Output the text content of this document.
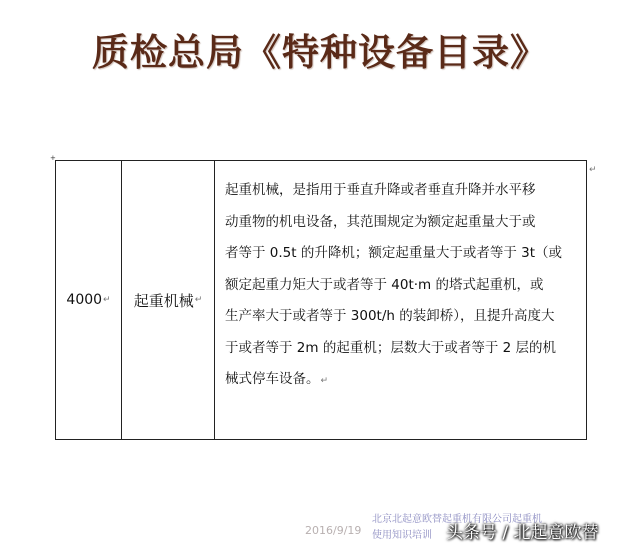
质检总局《特种设备目录》
+
4000 ↵ 起重机械 ↵
起重机械，是指用于垂直升降或者垂直升降并水平移
动重物的机电设备，其范围规定为额定起重量大于或
者等于 0.5t 的升降机；额定起重量大于或者等于 3t（或
额定起重力矩大于或者等于 40t·m 的塔式起重机，或
生产率大于或者等于 300t/h 的装卸桥），且提升高度大
于或者等于 2m 的起重机；层数大于或者等于 2 层的机
械式停车设备。↵
↵
2016/9/19
北京北起意欧替起重机有限公司起重机
使用知识培训 头条号 / 北起意欧替
